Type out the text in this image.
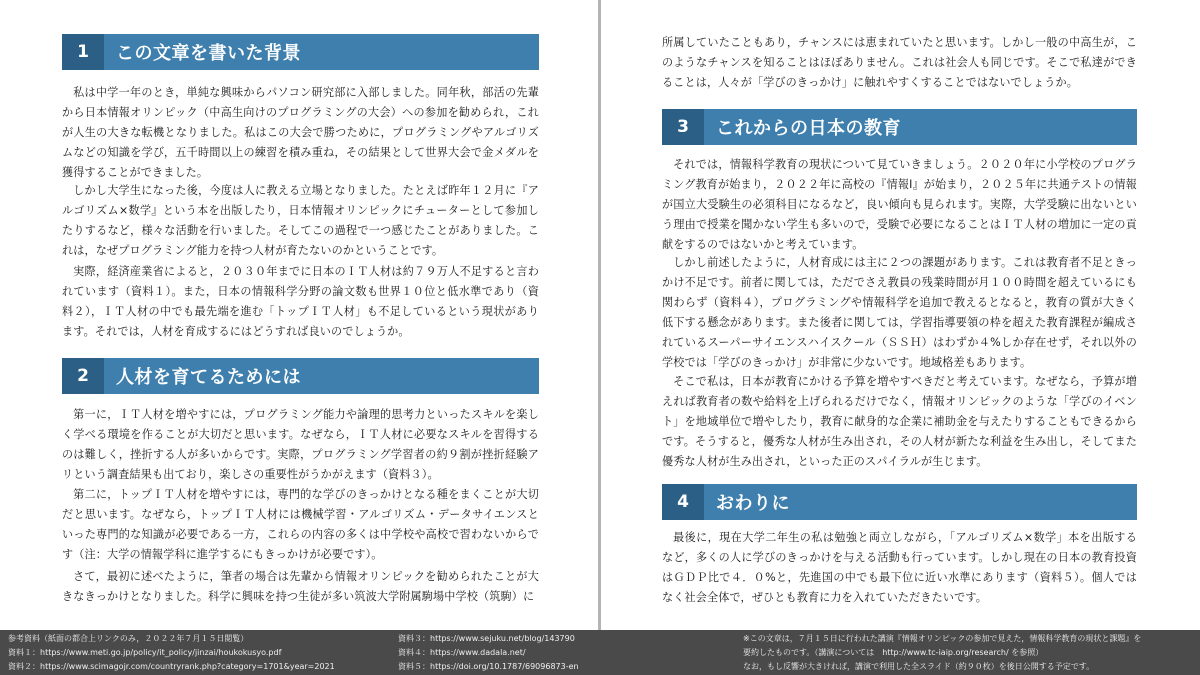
1	この文章を書いた背景

私は中学一年のとき，単純な興味からパソコン研究部に入部しました。同年秋，部活の先輩から日本情報オリンピック（中高生向けのプログラミングの大会）への参加を勧められ，これが人生の大きな転機となりました。私はこの大会で勝つために，プログラミングやアルゴリズムなどの知識を学び，五千時間以上の練習を積み重ね，その結果として世界大会で金メダルを獲得することができました。

しかし大学生になった後，今度は人に教える立場となりました。たとえば昨年１２月に『アルゴリズム×数学』という本を出版したり，日本情報オリンピックにチューターとして参加したりするなど，様々な活動を行いました。そしてこの過程で一つ感じたことがありました。これは，なぜプログラミング能力を持つ人材が育たないのかということです。

実際，経済産業省によると，２０３０年までに日本のＩＴ人材は約７９万人不足すると言われています（資料１）。また，日本の情報科学分野の論文数も世界１０位と低水準であり（資料２），ＩＴ人材の中でも最先端を進む「トップＩＴ人材」も不足しているという現状があります。それでは，人材を育成するにはどうすれば良いのでしょうか。

2	人材を育てるためには

第一に，ＩＴ人材を増やすには，プログラミング能力や論理的思考力といったスキルを楽しく学べる環境を作ることが大切だと思います。なぜなら，ＩＴ人材に必要なスキルを習得するのは難しく，挫折する人が多いからです。実際，プログラミング学習者の約９割が挫折経験アリという調査結果も出ており，楽しさの重要性がうかがえます（資料３）。

第二に，トップＩＴ人材を増やすには，専門的な学びのきっかけとなる種をまくことが大切だと思います。なぜなら，トップＩＴ人材には機械学習・アルゴリズム・データサイエンスといった専門的な知識が必要である一方，これらの内容の多くは中学校や高校で習わないからです（注：大学の情報学科に進学するにもきっかけが必要です）。

さて，最初に述べたように，筆者の場合は先輩から情報オリンピックを勧められたことが大きなきっかけとなりました。科学に興味を持つ生徒が多い筑波大学附属駒場中学校（筑駒）に

所属していたこともあり，チャンスには恵まれていたと思います。しかし一般の中高生が，このようなチャンスを知ることはほぼありません。これは社会人も同じです。そこで私達ができることは，人々が「学びのきっかけ」に触れやすくすることではないでしょうか。

3	これからの日本の教育

それでは，情報科学教育の現状について見ていきましょう。２０２０年に小学校のプログラミング教育が始まり，２０２２年に高校の『情報Ⅰ』が始まり，２０２５年に共通テストの情報が国立大受験生の必須科目になるなど，良い傾向も見られます。実際，大学受験に出ないという理由で授業を聞かない学生も多いので，受験で必要になることはＩＴ人材の増加に一定の貢献をするのではないかと考えています。

しかし前述したように，人材育成には主に２つの課題があります。これは教育者不足ときっかけ不足です。前者に関しては，ただでさえ教員の残業時間が月１００時間を超えているにも関わらず（資料４），プログラミングや情報科学を追加で教えるとなると，教育の質が大きく低下する懸念があります。また後者に関しては，学習指導要領の枠を超えた教育課程が編成されているスーパーサイエンスハイスクール（ＳＳＨ）はわずか４%しか存在せず，それ以外の学校では「学びのきっかけ」が非常に少ないです。地域格差もあります。

そこで私は，日本が教育にかける予算を増やすべきだと考えています。なぜなら，予算が増えれば教育者の数や給料を上げられるだけでなく，情報オリンピックのような「学びのイベント」を地域単位で増やしたり，教育に献身的な企業に補助金を与えたりすることもできるからです。そうすると，優秀な人材が生み出され，その人材が新たな利益を生み出し，そしてまた優秀な人材が生み出され，といった正のスパイラルが生じます。

4	おわりに

最後に，現在大学二年生の私は勉強と両立しながら，「アルゴリズム×数学」本を出版するなど，多くの人に学びのきっかけを与える活動も行っています。しかし現在の日本の教育投資はＧＤＰ比で４．０%と，先進国の中でも最下位に近い水準にあります（資料５）。個人ではなく社会全体で，ぜひとも教育に力を入れていただきたいです。

参考資料（紙面の都合上リンクのみ，２０２２年７月１５日閲覧）
資料１：https://www.meti.go.jp/policy/it_policy/jinzai/houkokusyo.pdf
資料２：https://www.scimagojr.com/countryrank.php?category=1701&year=2021
資料３：https://www.sejuku.net/blog/143790
資料４：https://www.dadala.net/
資料５：https://doi.org/10.1787/69096873-en
※この文章は，７月１５日に行われた講演『情報オリンピックの参加で見えた，情報科学教育の現状と課題』を
要約したものです。（講演については　http://www.tc-iaip.org/research/ を参照）
なお，もし反響が大きければ，講演で利用した全スライド（約９０枚）を後日公開する予定です。
